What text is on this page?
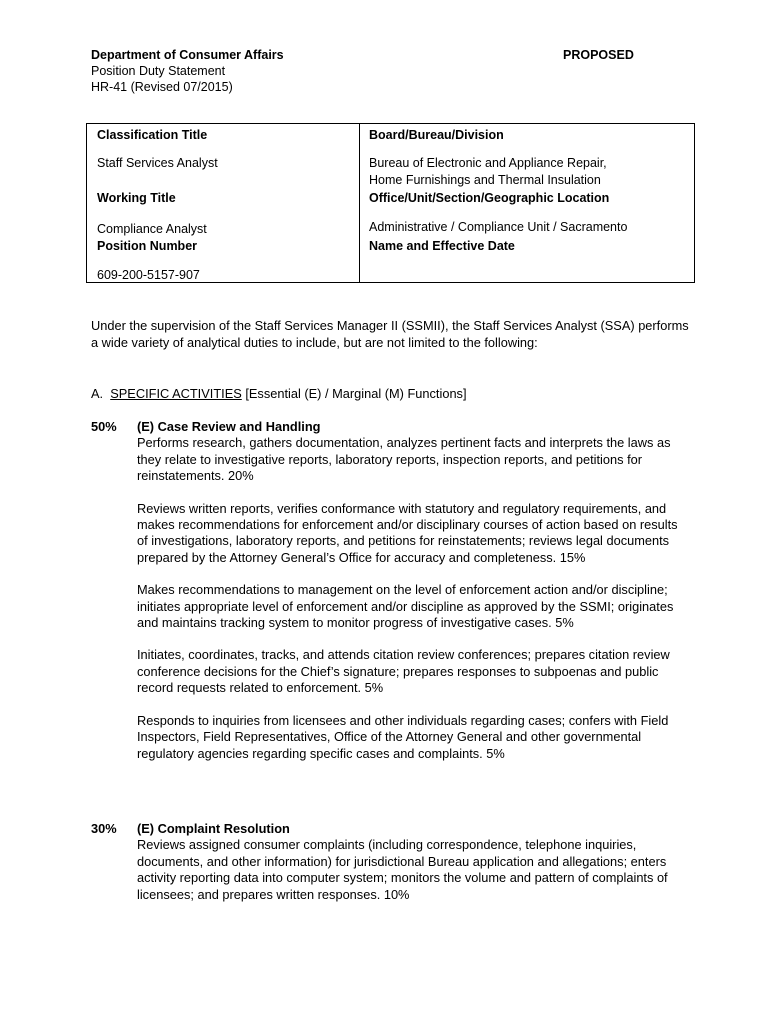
Department of Consumer Affairs
Position Duty Statement
HR-41 (Revised 07/2015)
PROPOSED
Classification Title
Staff Services Analyst
Working Title
Compliance Analyst
Position Number
609-200-5157-907
Board/Bureau/Division
Bureau of Electronic and Appliance Repair,
Home Furnishings and Thermal Insulation
Office/Unit/Section/Geographic Location
Administrative / Compliance Unit / Sacramento
Name and Effective Date
Under the supervision of the Staff Services Manager II (SSMII), the Staff Services Analyst (SSA) performs a wide variety of analytical duties to include, but are not limited to the following:
A. SPECIFIC ACTIVITIES [Essential (E) / Marginal (M) Functions]
50% (E) Case Review and Handling

Performs research, gathers documentation, analyzes pertinent facts and interprets the laws as they relate to investigative reports, laboratory reports, inspection reports, and petitions for reinstatements. 20%

Reviews written reports, verifies conformance with statutory and regulatory requirements, and makes recommendations for enforcement and/or disciplinary courses of action based on results of investigations, laboratory reports, and petitions for reinstatements; reviews legal documents prepared by the Attorney General’s Office for accuracy and completeness. 15%

Makes recommendations to management on the level of enforcement action and/or discipline; initiates appropriate level of enforcement and/or discipline as approved by the SSMI; originates and maintains tracking system to monitor progress of investigative cases. 5%

Initiates, coordinates, tracks, and attends citation review conferences; prepares citation review conference decisions for the Chief’s signature; prepares responses to subpoenas and public record requests related to enforcement. 5%

Responds to inquiries from licensees and other individuals regarding cases; confers with Field Inspectors, Field Representatives, Office of the Attorney General and other governmental regulatory agencies regarding specific cases and complaints. 5%

30% (E) Complaint Resolution

Reviews assigned consumer complaints (including correspondence, telephone inquiries, documents, and other information) for jurisdictional Bureau application and allegations; enters activity reporting data into computer system; monitors the volume and pattern of complaints of licensees; and prepares written responses. 10%
